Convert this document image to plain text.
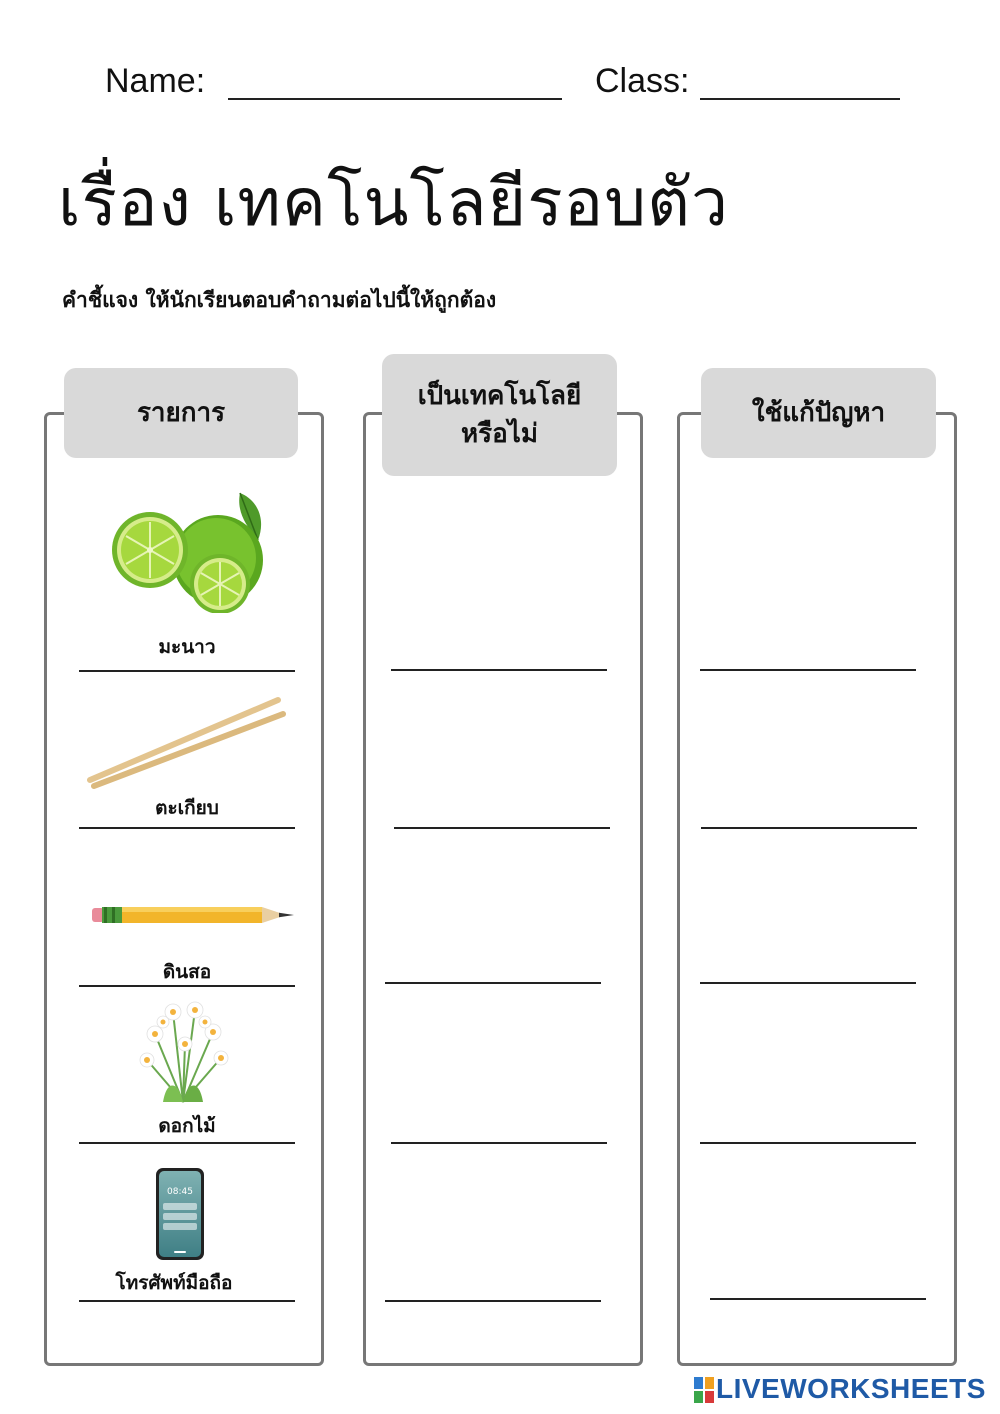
Name:	Class:
เรื่อง เทคโนโลยีรอบตัว
คำชี้แจง ให้นักเรียนตอบคำถามต่อไปนี้ให้ถูกต้อง
รายการ
เป็นเทคโนโลยี
หรือไม่
ใช้แก้ปัญหา
มะนาว
ตะเกียบ
ดินสอ
ดอกไม้
08:45
โทรศัพท์มือถือ
LIVEWORKSHEETS
